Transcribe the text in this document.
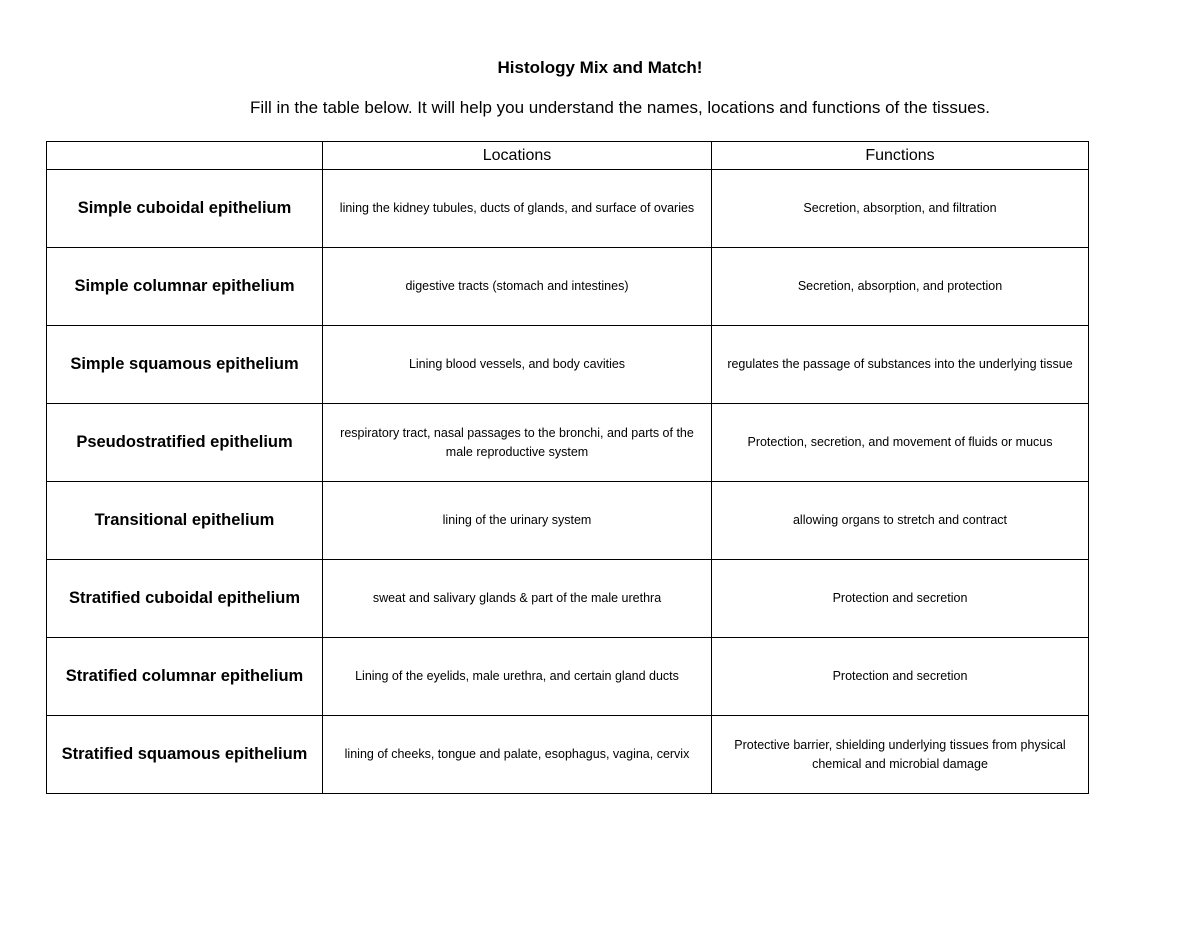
Histology Mix and Match!
Fill in the table below. It will help you understand the names, locations and functions of the tissues.
	Locations	Functions
Simple cuboidal epithelium	lining the kidney tubules, ducts of glands, and surface of ovaries	Secretion, absorption, and filtration
Simple columnar epithelium	digestive tracts (stomach and intestines)	Secretion, absorption, and protection
Simple squamous epithelium	Lining blood vessels, and body cavities	regulates the passage of substances into the underlying tissue
Pseudostratified epithelium	respiratory tract, nasal passages to the bronchi, and parts of the male reproductive system	Protection, secretion, and movement of fluids or mucus
Transitional epithelium	lining of the urinary system	allowing organs to stretch and contract
Stratified cuboidal epithelium	sweat and salivary glands & part of the male urethra	Protection and secretion
Stratified columnar epithelium	Lining of the eyelids, male urethra, and certain gland ducts	Protection and secretion
Stratified squamous epithelium	lining of cheeks, tongue and palate, esophagus, vagina, cervix	Protective barrier, shielding underlying tissues from physical chemical and microbial damage
